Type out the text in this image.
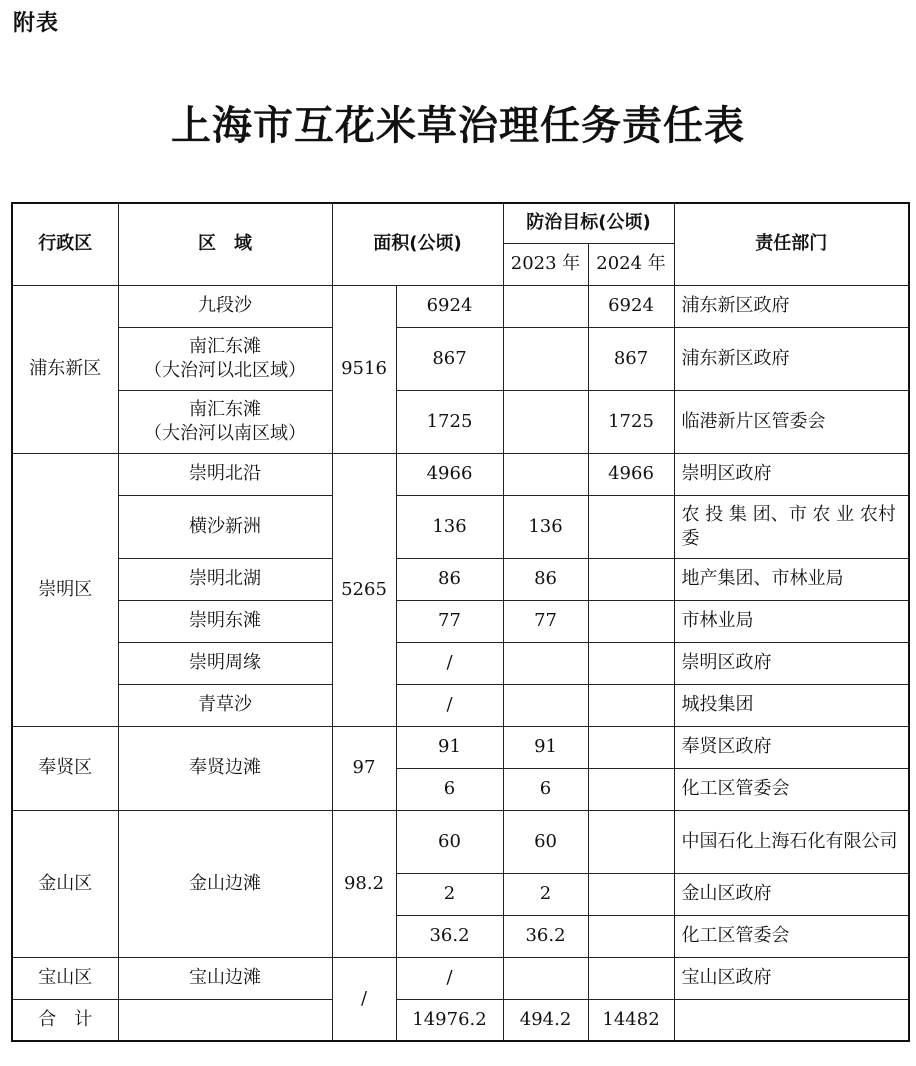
附表
上海市互花米草治理任务责任表
行政区	区　域	面积(公顷)		防治目标(公顷)		责任部门
				2023 年	2024 年	
浦东新区	九段沙	9516	6924		6924	浦东新区政府

	南汇东滩
（大治河以北区域）		867		867	浦东新区政府

	南汇东滩
（大治河以南区域）		1725		1725	临港新片区管委会
崇明区	崇明北沿	5265	4966		4966	崇明区政府
	横沙新洲		136	136		农 投 集 团、市 农 业 农村委
	崇明北湖		86	86		地产集团、市林业局
	崇明东滩		77	77		市林业局
	崇明周缘		/			崇明区政府
	青草沙		/			城投集团
奉贤区	奉贤边滩	97	91	91		奉贤区政府
			6	6		化工区管委会
金山区	金山边滩	98.2	60	60		中国石化上海石化有限公司
			2	2		金山区政府
			36.2	36.2		化工区管委会
宝山区	宝山边滩	/	/			宝山区政府
合　计			14976.2	494.2	14482	
